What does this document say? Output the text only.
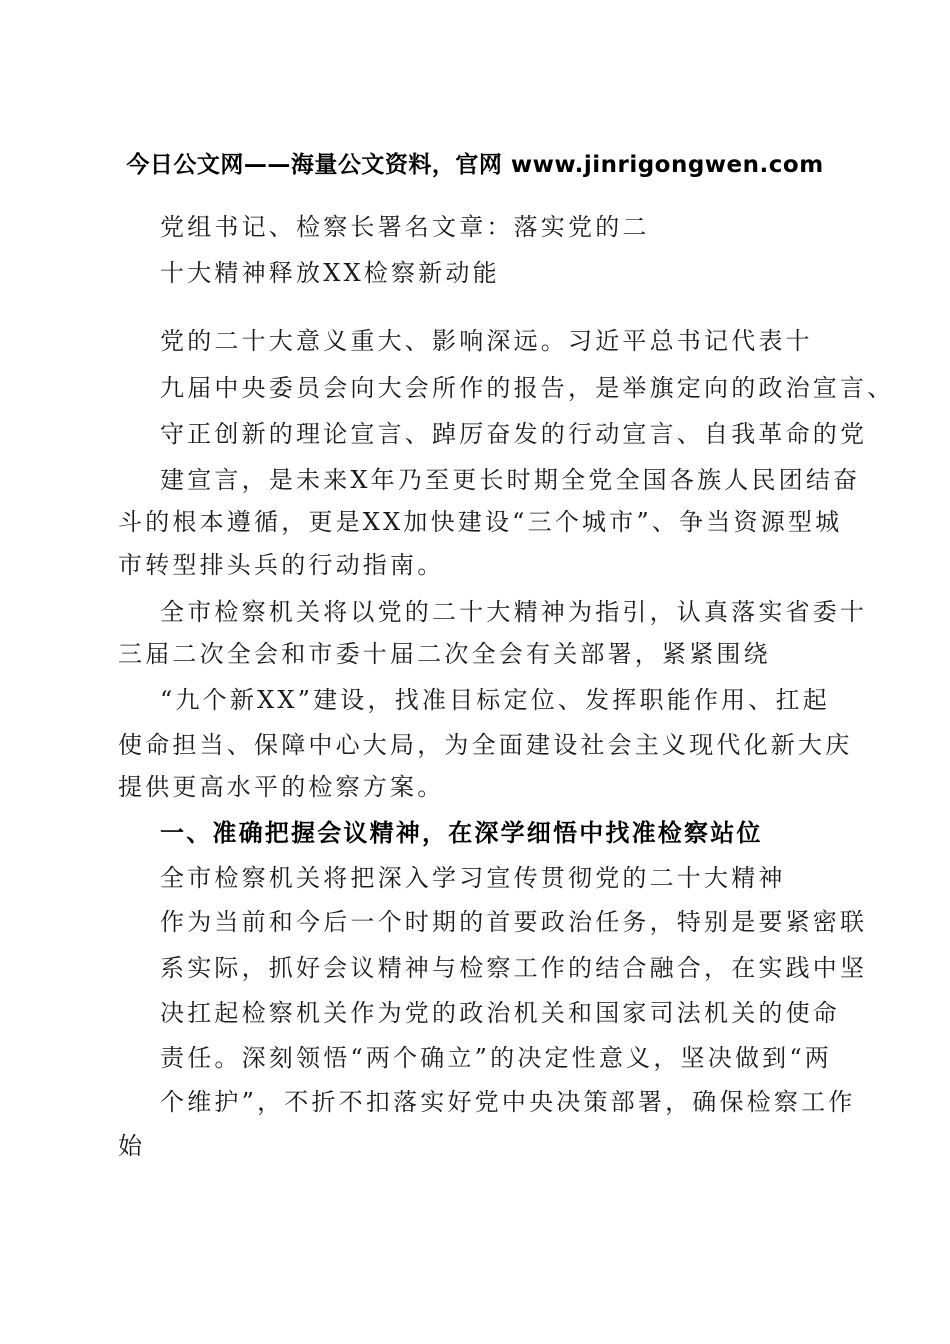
今日公文网——海量公文资料，官网 www.jinrigongwen.com
党组书记、检察长署名文章：落实党的二
十大精神释放XX检察新动能
党的二十大意义重大、影响深远。习近平总书记代表十
九届中央委员会向大会所作的报告，是举旗定向的政治宣言、
守正创新的理论宣言、踔厉奋发的行动宣言、自我革命的党
建宣言，是未来X年乃至更长时期全党全国各族人民团结奋
斗的根本遵循，更是XX加快建设“三个城市”、争当资源型城
市转型排头兵的行动指南。
全市检察机关将以党的二十大精神为指引，认真落实省委十
三届二次全会和市委十届二次全会有关部署，紧紧围绕
“九个新XX”建设，找准目标定位、发挥职能作用、扛起
使命担当、保障中心大局，为全面建设社会主义现代化新大庆
提供更高水平的检察方案。
一、准确把握会议精神，在深学细悟中找准检察站位
全市检察机关将把深入学习宣传贯彻党的二十大精神
作为当前和今后一个时期的首要政治任务，特别是要紧密联
系实际，抓好会议精神与检察工作的结合融合，在实践中坚
决扛起检察机关作为党的政治机关和国家司法机关的使命
责任。深刻领悟“两个确立”的决定性意义，坚决做到“两
个维护”，不折不扣落实好党中央决策部署，确保检察工作
始
